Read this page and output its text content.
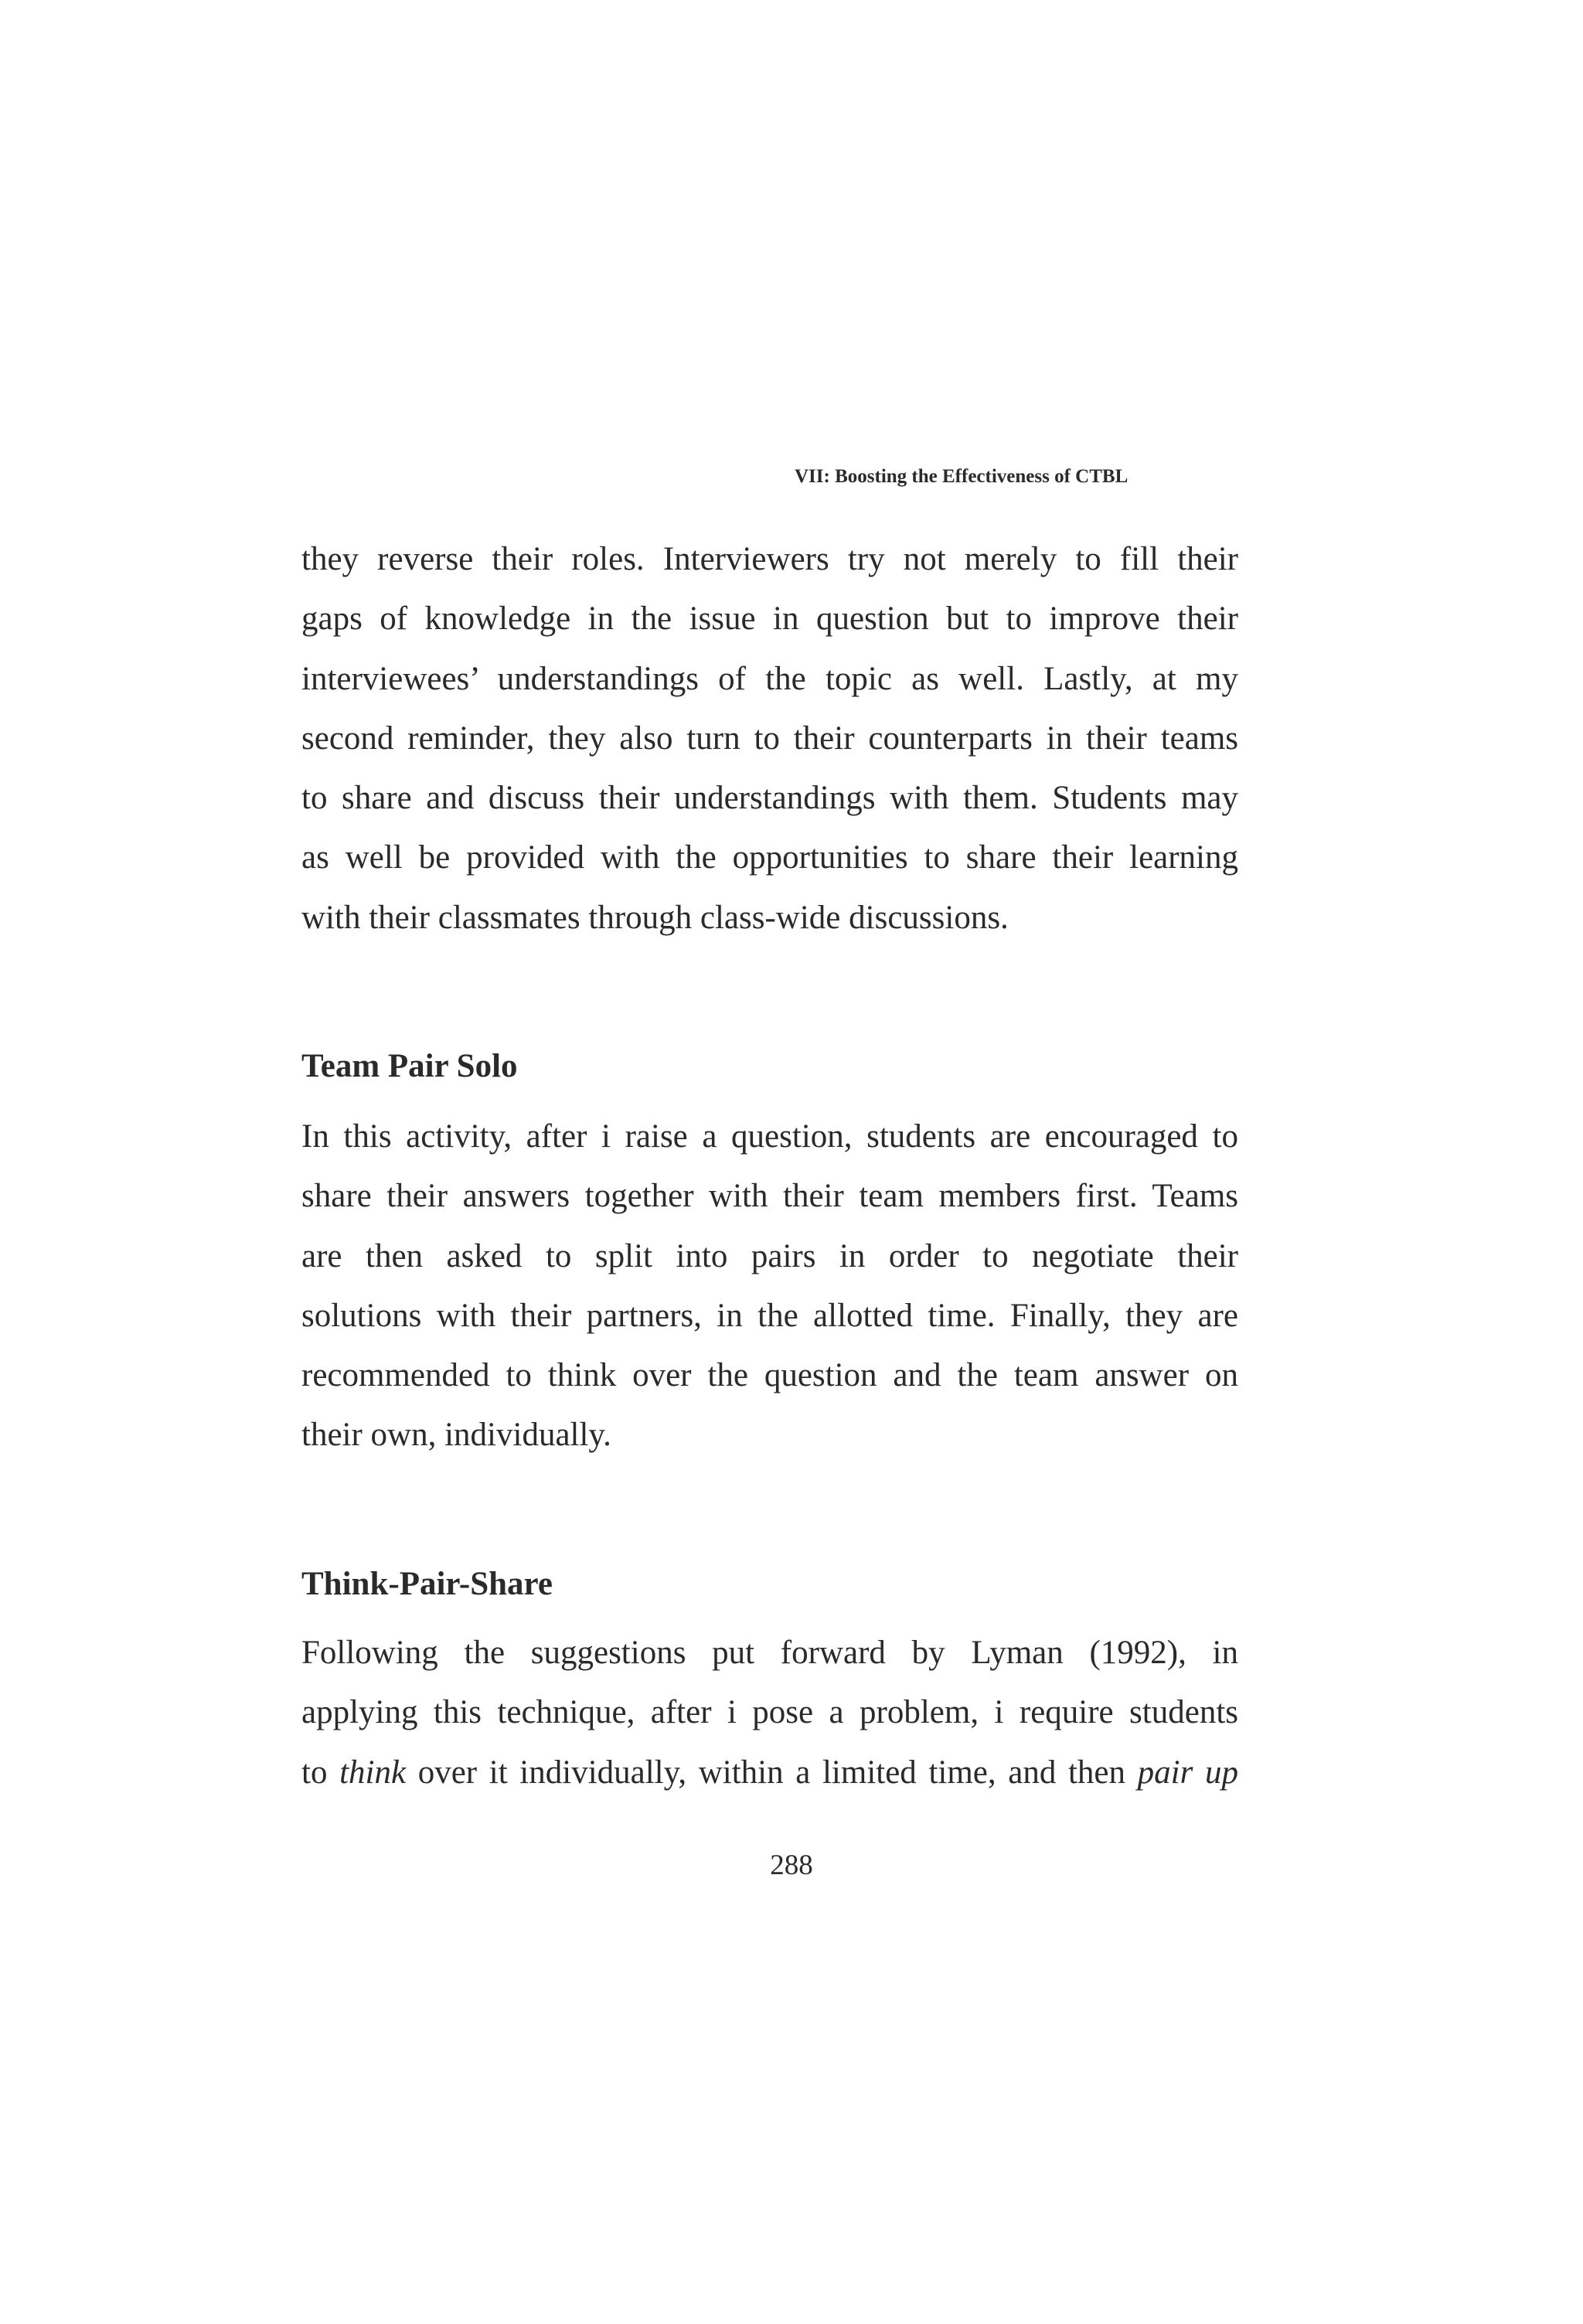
VII: Boosting the Effectiveness of CTBL

they reverse their roles. Interviewers try not merely to fill their
gaps of knowledge in the issue in question but to improve their
interviewees’ understandings of the topic as well. Lastly, at my
second reminder, they also turn to their counterparts in their teams
to share and discuss their understandings with them. Students may
as well be provided with the opportunities to share their learning
with their classmates through class-wide discussions.

Team Pair Solo

In this activity, after i raise a question, students are encouraged to
share their answers together with their team members first. Teams
are then asked to split into pairs in order to negotiate their
solutions with their partners, in the allotted time. Finally, they are
recommended to think over the question and the team answer on
their own, individually.

Think-Pair-Share

Following the suggestions put forward by Lyman (1992), in
applying this technique, after i pose a problem, i require students
to think over it individually, within a limited time, and then pair up

288
